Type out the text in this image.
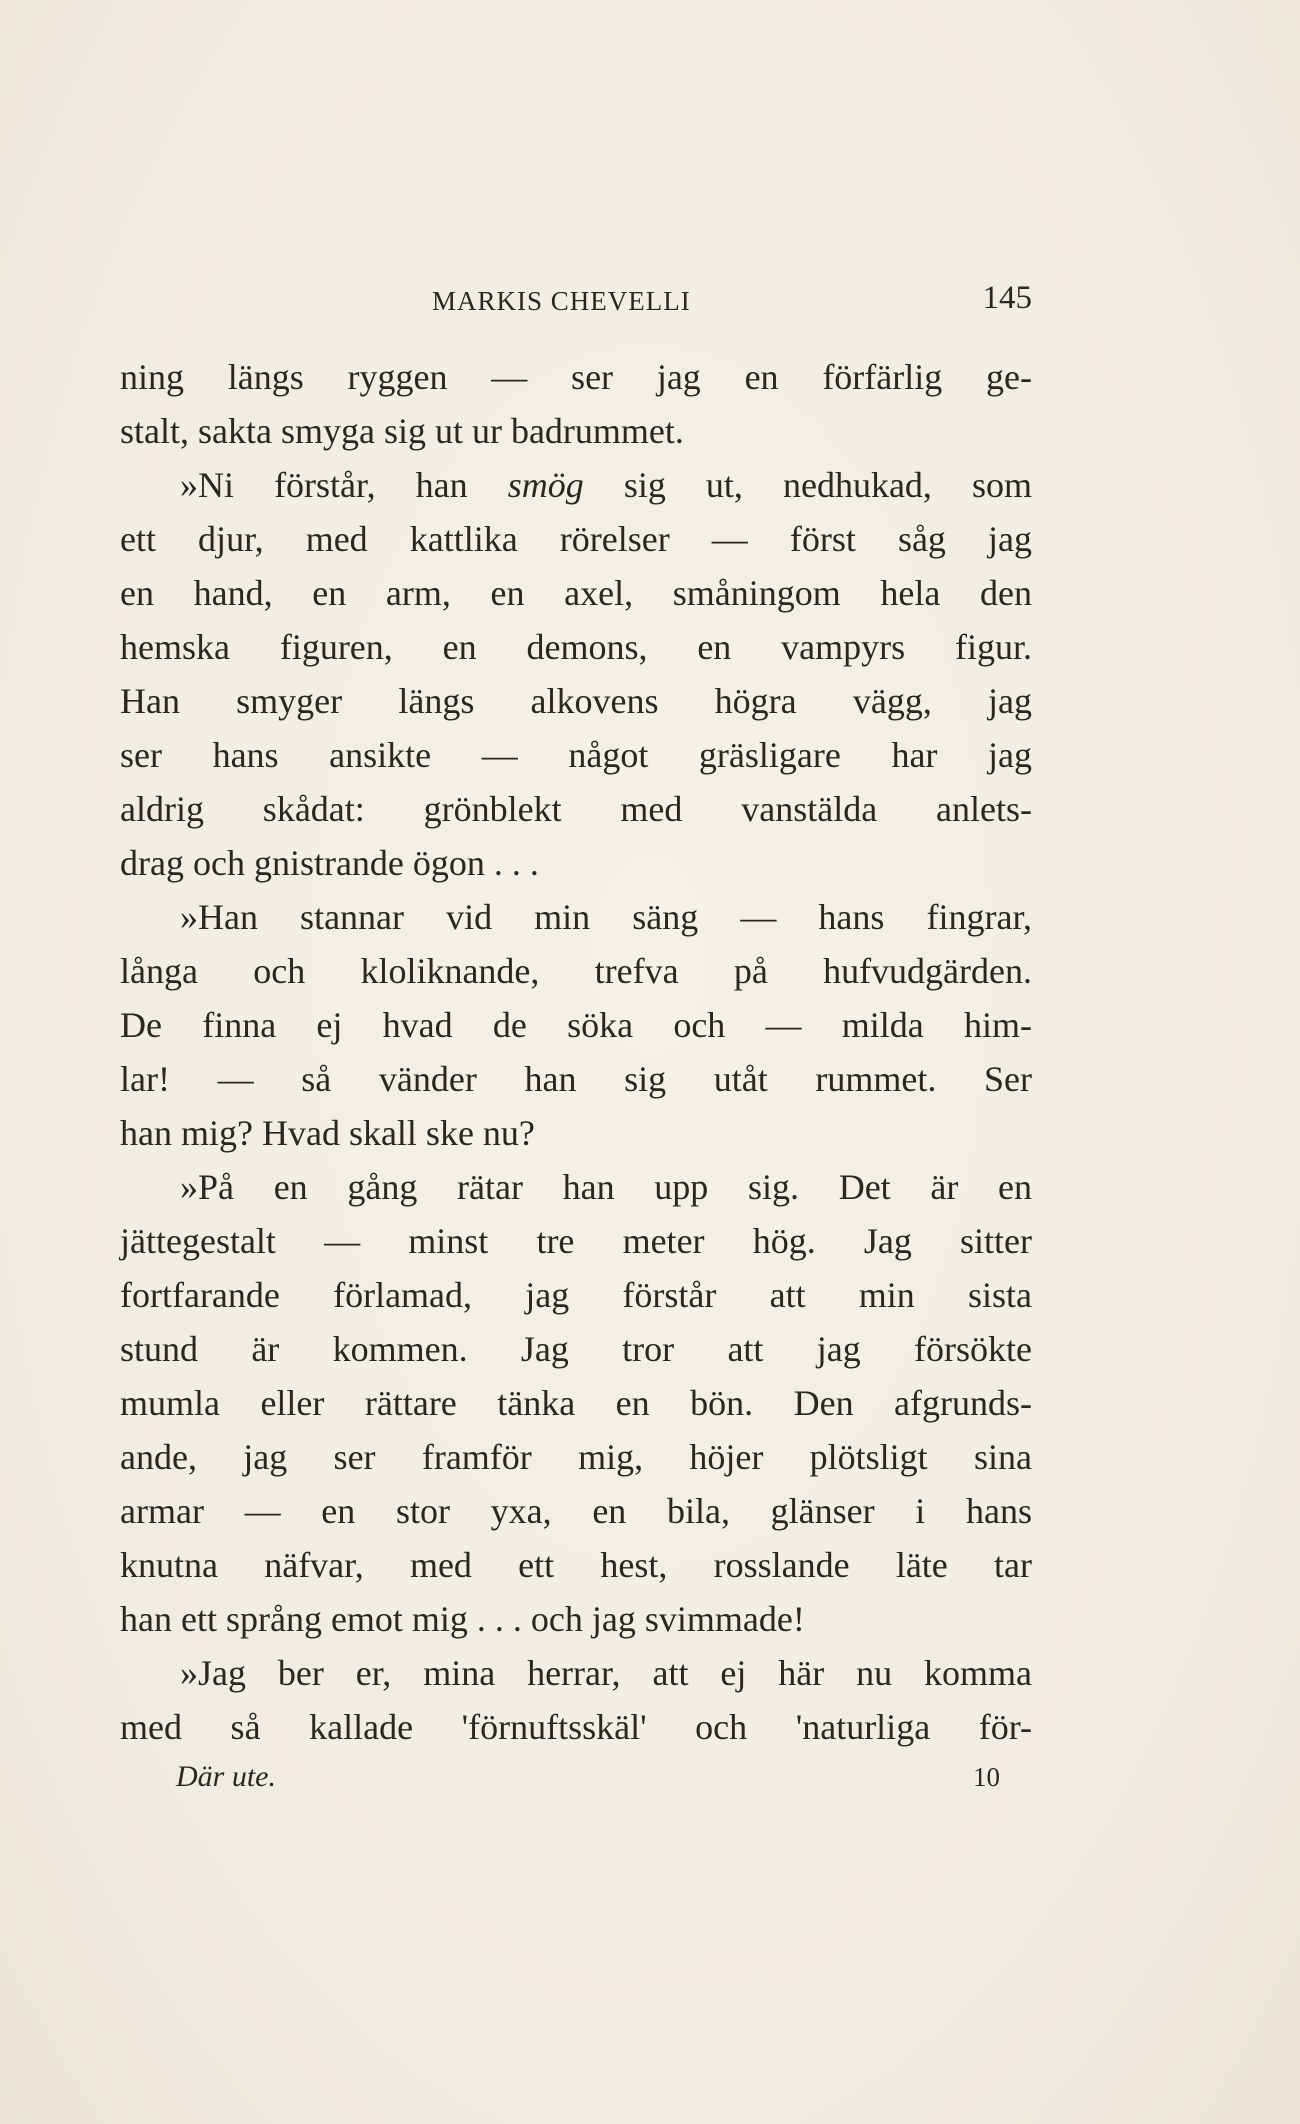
MARKIS CHEVELLI	145
ning längs ryggen — ser jag en förfärlig ge-
stalt, sakta smyga sig ut ur badrummet.
»Ni förstår, han smög sig ut, nedhukad, som
ett djur, med kattlika rörelser — först såg jag
en hand, en arm, en axel, småningom hela den
hemska figuren, en demons, en vampyrs figur.
Han smyger längs alkovens högra vägg, jag
ser hans ansikte — något gräsligare har jag
aldrig skådat: grönblekt med vanstälda anlets-
drag och gnistrande ögon . . .
»Han stannar vid min säng — hans fingrar,
långa och kloliknande, trefva på hufvudgärden.
De finna ej hvad de söka och — milda him-
lar! — så vänder han sig utåt rummet. Ser
han mig? Hvad skall ske nu?
»På en gång rätar han upp sig. Det är en
jättegestalt — minst tre meter hög. Jag sitter
fortfarande förlamad, jag förstår att min sista
stund är kommen. Jag tror att jag försökte
mumla eller rättare tänka en bön. Den afgrunds-
ande, jag ser framför mig, höjer plötsligt sina
armar — en stor yxa, en bila, glänser i hans
knutna näfvar, med ett hest, rosslande läte tar
han ett språng emot mig . . . och jag svimmade!
»Jag ber er, mina herrar, att ej här nu komma
med så kallade 'förnuftsskäl' och 'naturliga för-
Där ute.	10
